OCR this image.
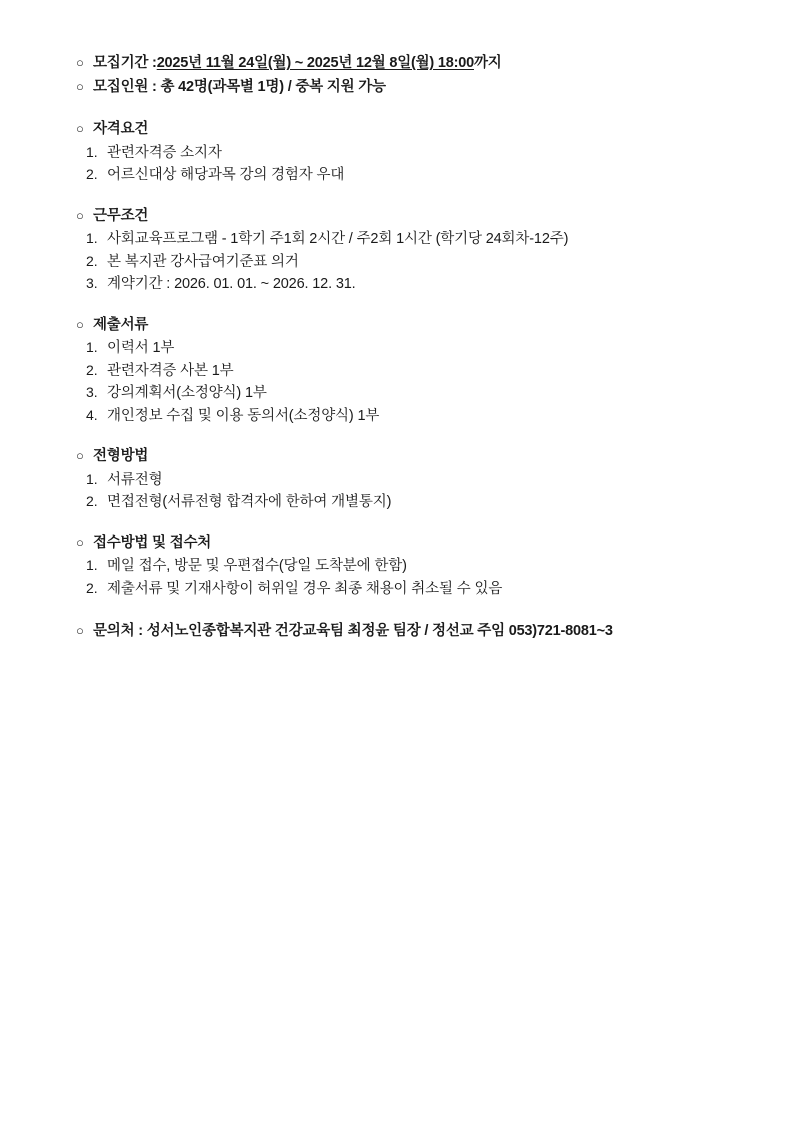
○ 모집기간 : 2025년 11월 24일(월) ~ 2025년 12월 8일(월) 18:00 까지
○ 모집인원 : 총 42명(과목별 1명) / 중복 지원 가능
○ 자격요건
1. 관련자격증 소지자
2. 어르신대상 해당과목 강의 경험자 우대
○ 근무조건
1. 사회교육프로그램 - 1학기 주1회 2시간 / 주2회 1시간 (학기당 24회차-12주)
2. 본 복지관 강사급여기준표 의거
3. 계약기간 : 2026. 01. 01. ~ 2026. 12. 31.
○ 제출서류
1. 이력서 1부
2. 관련자격증 사본 1부
3. 강의계획서(소정양식) 1부
4. 개인정보 수집 및 이용 동의서(소정양식) 1부
○ 전형방법
1. 서류전형
2. 면접전형(서류전형 합격자에 한하여 개별통지)
○ 접수방법 및 접수처
1. 메일 접수, 방문 및 우편접수(당일 도착분에 한함)
2. 제출서류 및 기재사항이 허위일 경우 최종 채용이 취소될 수 있음
○ 문의처 : 성서노인종합복지관 건강교육팀 최정윤 팀장 / 정선교 주임 053)721-8081~3
